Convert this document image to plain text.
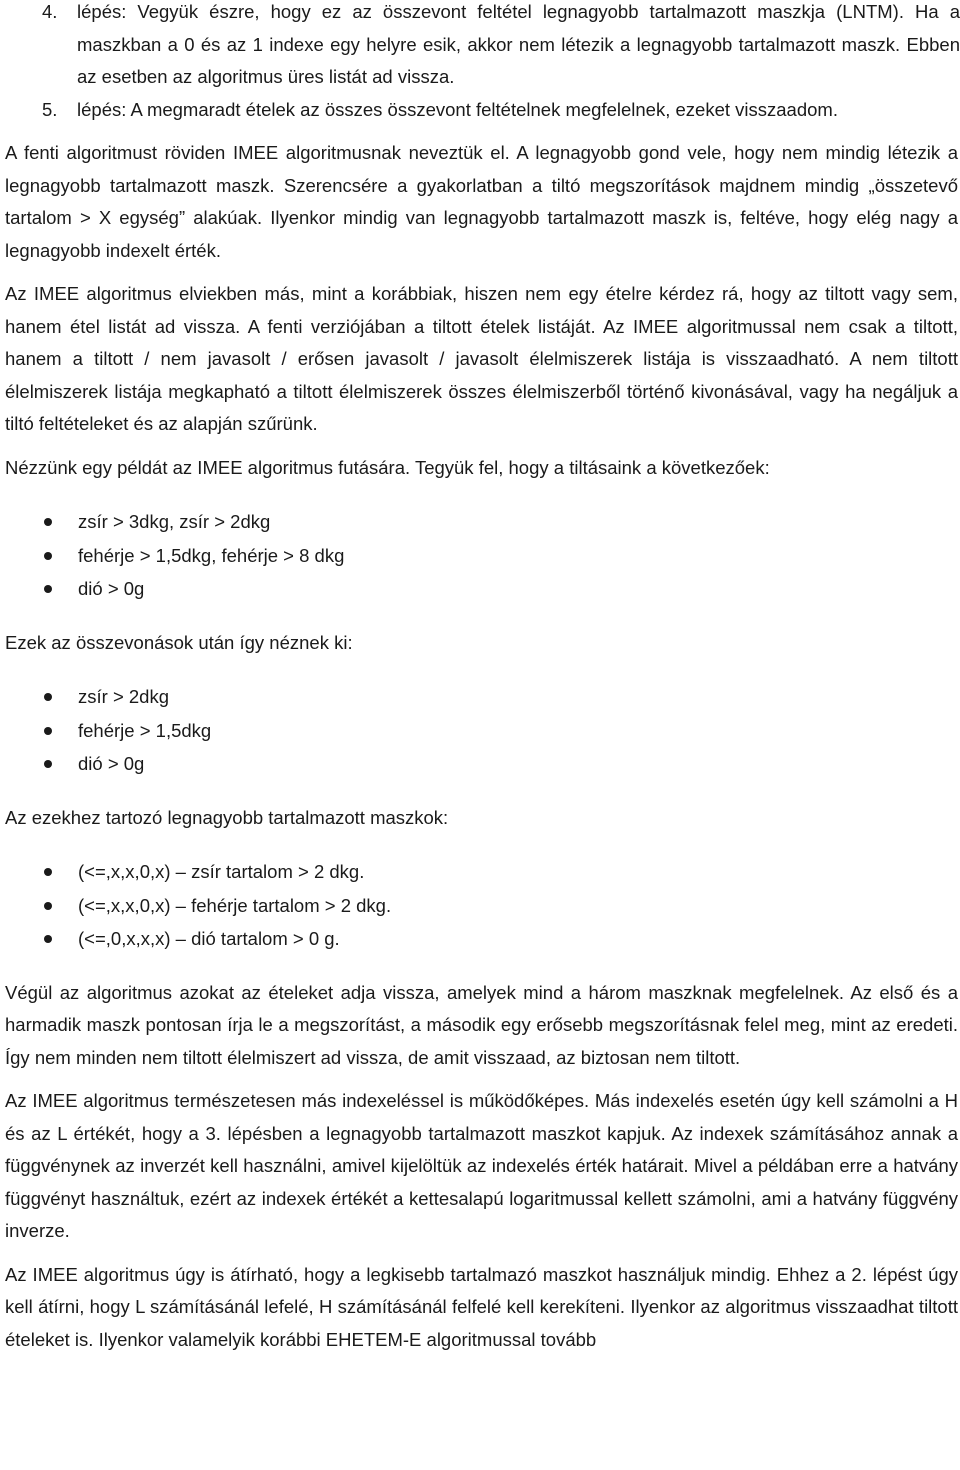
4. lépés: Vegyük észre, hogy ez az összevont feltétel legnagyobb tartalmazott maszkja (LNTM). Ha a maszkban a 0 és az 1 indexe egy helyre esik, akkor nem létezik a legnagyobb tartalmazott maszk. Ebben az esetben az algoritmus üres listát ad vissza.
5. lépés: A megmaradt ételek az összes összevont feltételnek megfelelnek, ezeket visszaadom.

A fenti algoritmust röviden IMEE algoritmusnak neveztük el. A legnagyobb gond vele, hogy nem mindig létezik a legnagyobb tartalmazott maszk. Szerencsére a gyakorlatban a tiltó megszorítások majdnem mindig „összetevő tartalom > X egység” alakúak. Ilyenkor mindig van legnagyobb tartalmazott maszk is, feltéve, hogy elég nagy a legnagyobb indexelt érték.

Az IMEE algoritmus elviekben más, mint a korábbiak, hiszen nem egy ételre kérdez rá, hogy az tiltott vagy sem, hanem étel listát ad vissza. A fenti verziójában a tiltott ételek listáját. Az IMEE algoritmussal nem csak a tiltott, hanem a tiltott / nem javasolt / erősen javasolt / javasolt élelmiszerek listája is visszaadható. A nem tiltott élelmiszerek listája megkapható a tiltott élelmiszerek összes élelmiszerből történő kivonásával, vagy ha negáljuk a tiltó feltételeket és az alapján szűrünk.

Nézzünk egy példát az IMEE algoritmus futására. Tegyük fel, hogy a tiltásaink a következőek:

zsír > 3dkg, zsír > 2dkg
fehérje > 1,5dkg, fehérje > 8 dkg
dió > 0g

Ezek az összevonások után így néznek ki:

zsír > 2dkg
fehérje > 1,5dkg
dió > 0g

Az ezekhez tartozó legnagyobb tartalmazott maszkok:

(<=,x,x,0,x) – zsír tartalom > 2 dkg.
(<=,x,x,0,x) – fehérje tartalom > 2 dkg.
(<=,0,x,x,x) – dió tartalom > 0 g.

Végül az algoritmus azokat az ételeket adja vissza, amelyek mind a három maszknak megfelelnek. Az első és a harmadik maszk pontosan írja le a megszorítást, a második egy erősebb megszorításnak felel meg, mint az eredeti. Így nem minden nem tiltott élelmiszert ad vissza, de amit visszaad, az biztosan nem tiltott.

Az IMEE algoritmus természetesen más indexeléssel is működőképes. Más indexelés esetén úgy kell számolni a H és az L értékét, hogy a 3. lépésben a legnagyobb tartalmazott maszkot kapjuk. Az indexek számításához annak a függvénynek az inverzét kell használni, amivel kijelöltük az indexelés érték határait. Mivel a példában erre a hatvány függvényt használtuk, ezért az indexek értékét a kettesalapú logaritmussal kellett számolni, ami a hatvány függvény inverze.

Az IMEE algoritmus úgy is átírható, hogy a legkisebb tartalmazó maszkot használjuk mindig. Ehhez a 2. lépést úgy kell átírni, hogy L számításánál lefelé, H számításánál felfelé kell kerekíteni. Ilyenkor az algoritmus visszaadhat tiltott ételeket is. Ilyenkor valamelyik korábbi EHETEM-E algoritmussal tovább
